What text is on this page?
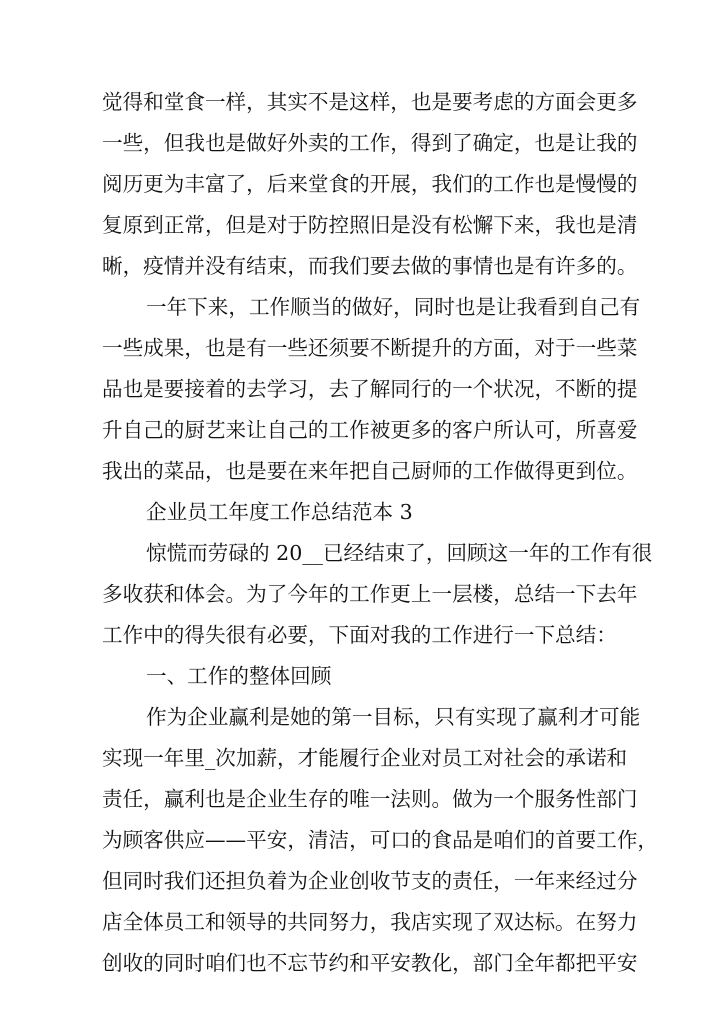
觉得和堂食一样，其实不是这样，也是要考虑的方面会更多
一些，但我也是做好外卖的工作，得到了确定，也是让我的
阅历更为丰富了，后来堂食的开展，我们的工作也是慢慢的
复原到正常，但是对于防控照旧是没有松懈下来，我也是清
晰，疫情并没有结束，而我们要去做的事情也是有许多的。
一年下来，工作顺当的做好，同时也是让我看到自己有
一些成果，也是有一些还须要不断提升的方面，对于一些菜
品也是要接着的去学习，去了解同行的一个状况，不断的提
升自己的厨艺来让自己的工作被更多的客户所认可，所喜爱
我出的菜品，也是要在来年把自己厨师的工作做得更到位。
企业员工年度工作总结范本 3
惊慌而劳碌的 20__已经结束了，回顾这一年的工作有很
多收获和体会。为了今年的工作更上一层楼，总结一下去年
工作中的得失很有必要，下面对我的工作进行一下总结：
一、工作的整体回顾
作为企业赢利是她的第一目标，只有实现了赢利才可能
实现一年里_次加薪，才能履行企业对员工对社会的承诺和
责任，赢利也是企业生存的唯一法则。做为一个服务性部门
为顾客供应——平安，清洁，可口的食品是咱们的首要工作，
但同时我们还担负着为企业创收节支的责任，一年来经过分
店全体员工和领导的共同努力，我店实现了双达标。在努力
创收的同时咱们也不忘节约和平安教化，部门全年都把平安
